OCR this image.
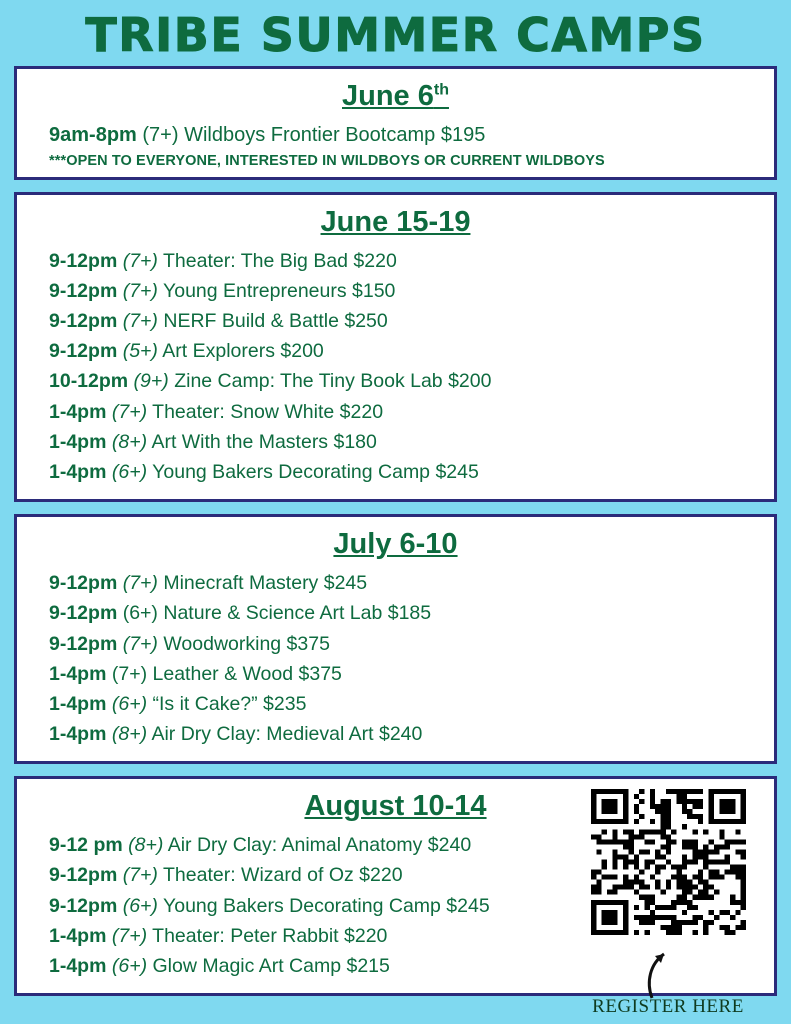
TRIBE SUMMER CAMPS
June 6th
9am-8pm (7+) Wildboys Frontier Bootcamp $195
***OPEN TO EVERYONE, INTERESTED IN WILDBOYS OR CURRENT WILDBOYS
June 15-19
9-12pm (7+) Theater: The Big Bad $220
9-12pm (7+) Young Entrepreneurs $150
9-12pm (7+) NERF Build & Battle $250
9-12pm (5+) Art Explorers $200
10-12pm (9+) Zine Camp: The Tiny Book Lab $200
1-4pm (7+) Theater: Snow White $220
1-4pm (8+) Art With the Masters $180
1-4pm (6+) Young Bakers Decorating Camp $245
July 6-10
9-12pm (7+) Minecraft Mastery $245
9-12pm (6+) Nature & Science Art Lab $185
9-12pm (7+) Woodworking $375
1-4pm (7+) Leather & Wood $375
1-4pm (6+) “Is it Cake?” $235
1-4pm (8+) Air Dry Clay: Medieval Art $240
August 10-14
9-12 pm (8+) Air Dry Clay: Animal Anatomy $240
9-12pm (7+) Theater: Wizard of Oz $220
9-12pm (6+) Young Bakers Decorating Camp $245
1-4pm (7+) Theater: Peter Rabbit $220
1-4pm (6+) Glow Magic Art Camp $215
REGISTER HERE
